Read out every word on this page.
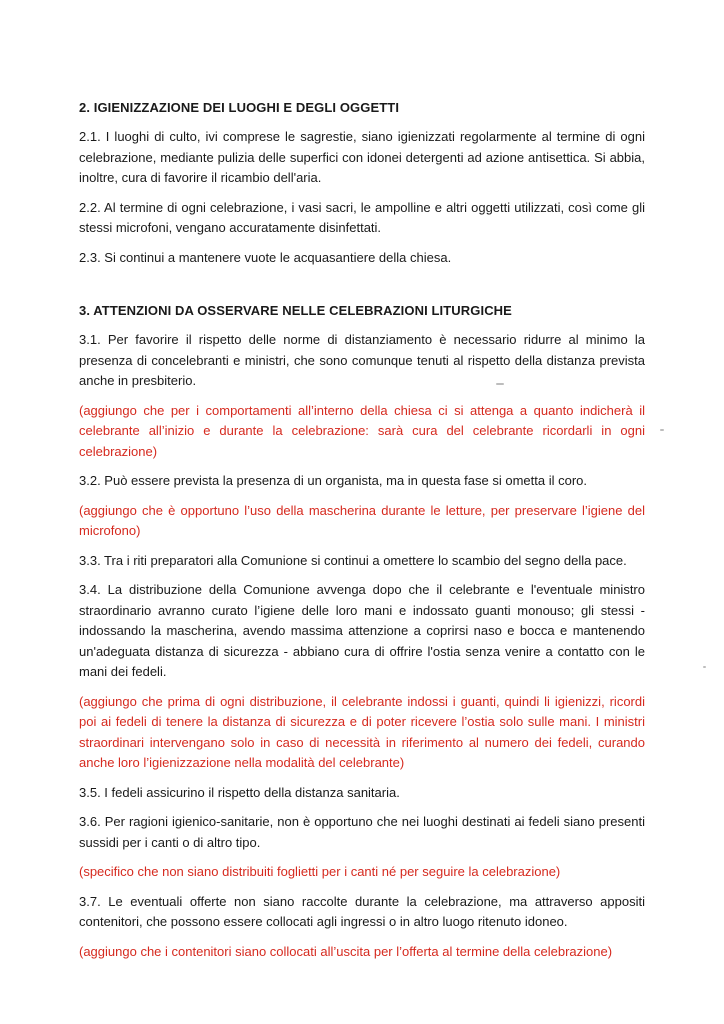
2. IGIENIZZAZIONE DEI LUOGHI E DEGLI OGGETTI

2.1. I luoghi di culto, ivi comprese le sagrestie, siano igienizzati regolarmente al termine di ogni celebrazione, mediante pulizia delle superfici con idonei detergenti ad azione antisettica. Si abbia, inoltre, cura di favorire il ricambio dell'aria.

2.2. Al termine di ogni celebrazione, i vasi sacri, le ampolline e altri oggetti utilizzati, così come gli stessi microfoni, vengano accuratamente disinfettati.

2.3. Si continui a mantenere vuote le acquasantiere della chiesa.

3. ATTENZIONI DA OSSERVARE NELLE CELEBRAZIONI LITURGICHE

3.1. Per favorire il rispetto delle norme di distanziamento è necessario ridurre al minimo la presenza di concelebranti e ministri, che sono comunque tenuti al rispetto della distanza prevista anche in presbiterio.

(aggiungo che per i comportamenti all’interno della chiesa ci si attenga a quanto indicherà il celebrante all’inizio e durante la celebrazione: sarà cura del celebrante ricordarli in ogni celebrazione)

3.2. Può essere prevista la presenza di un organista, ma in questa fase si ometta il coro.

(aggiungo che è opportuno l’uso della mascherina durante le letture, per preservare l’igiene del microfono)

3.3. Tra i riti preparatori alla Comunione si continui a omettere lo scambio del segno della pace.

3.4. La distribuzione della Comunione avvenga dopo che il celebrante e l'eventuale ministro straordinario avranno curato l’igiene delle loro mani e indossato guanti monouso; gli stessi - indossando la mascherina, avendo massima attenzione a coprirsi naso e bocca e mantenendo un'adeguata distanza di sicurezza - abbiano cura di offrire l'ostia senza venire a contatto con le mani dei fedeli.

(aggiungo che prima di ogni distribuzione, il celebrante indossi i guanti, quindi li igienizzi, ricordi poi ai fedeli di tenere la distanza di sicurezza e di poter ricevere l’ostia solo sulle mani. I ministri straordinari intervengano solo in caso di necessità in riferimento al numero dei fedeli, curando anche loro l’igienizzazione nella modalità del celebrante)

3.5. I fedeli assicurino il rispetto della distanza sanitaria.

3.6. Per ragioni igienico-sanitarie, non è opportuno che nei luoghi destinati ai fedeli siano presenti sussidi per i canti o di altro tipo.

(specifico che non siano distribuiti foglietti per i canti né per seguire la celebrazione)

3.7. Le eventuali offerte non siano raccolte durante la celebrazione, ma attraverso appositi contenitori, che possono essere collocati agli ingressi o in altro luogo ritenuto idoneo.

(aggiungo che i contenitori siano collocati all’uscita per l’offerta al termine della celebrazione)
